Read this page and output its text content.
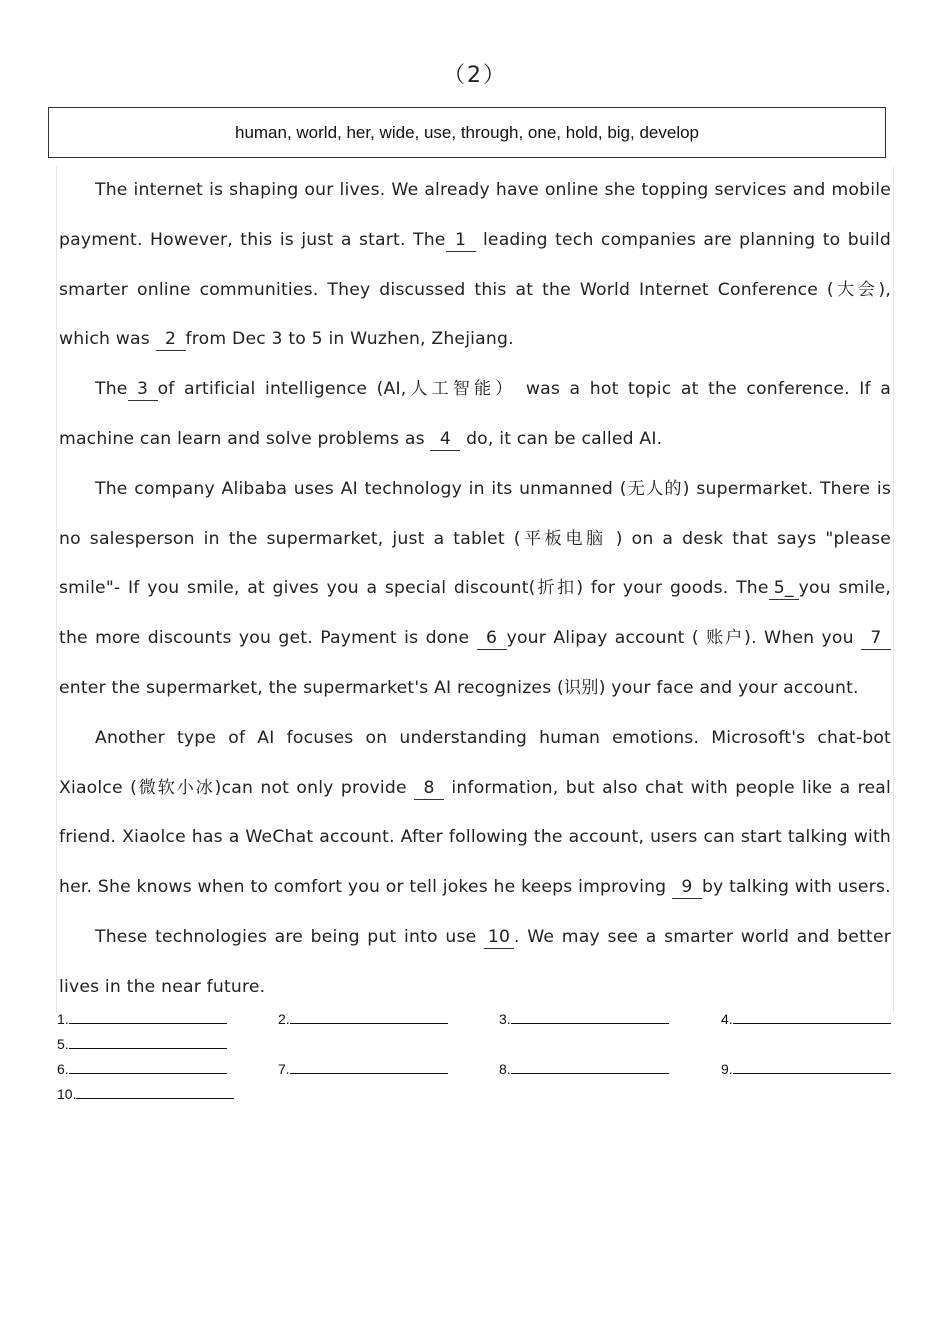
（2）
human, world, her, wide, use, through, one, hold, big, develop

The internet is shaping our lives. We already have online she topping services and mobile payment. However, this is just a start. The 1 leading tech companies are planning to build smarter online communities. They discussed this at the World Internet Conference (大会), which was 2 from Dec 3 to 5 in Wuzhen, Zhejiang.

The 3 of artificial intelligence (AI,人工智能） was a hot topic at the conference. If a machine can learn and solve problems as 4 do, it can be called AI.

The company Alibaba uses AI technology in its unmanned (无人的) supermarket. There is no salesperson in the supermarket, just a tablet (平板电脑 ) on a desk that says "please smile"- If you smile, at gives you a special discount(折扣) for your goods. The 5_ you smile, the more discounts you get. Payment is done 6 your Alipay account ( 账户). When you 7enter the supermarket, the supermarket's AI recognizes (识别) your face and your account.

Another type of AI focuses on understanding human emotions. Microsoft's chat-bot Xiaolce (微软小冰)can not only provide 8 information, but also chat with people like a real friend. Xiaolce has a WeChat account. After following the account, users can start talking with her. She knows when to comfort you or tell jokes he keeps improving 9 by talking with users.

These technologies are being put into use 10 . We may see a smarter world and better lives in the near future.

1.	2.	3.	4.
5.
6.	7.	8.	9.
10.
